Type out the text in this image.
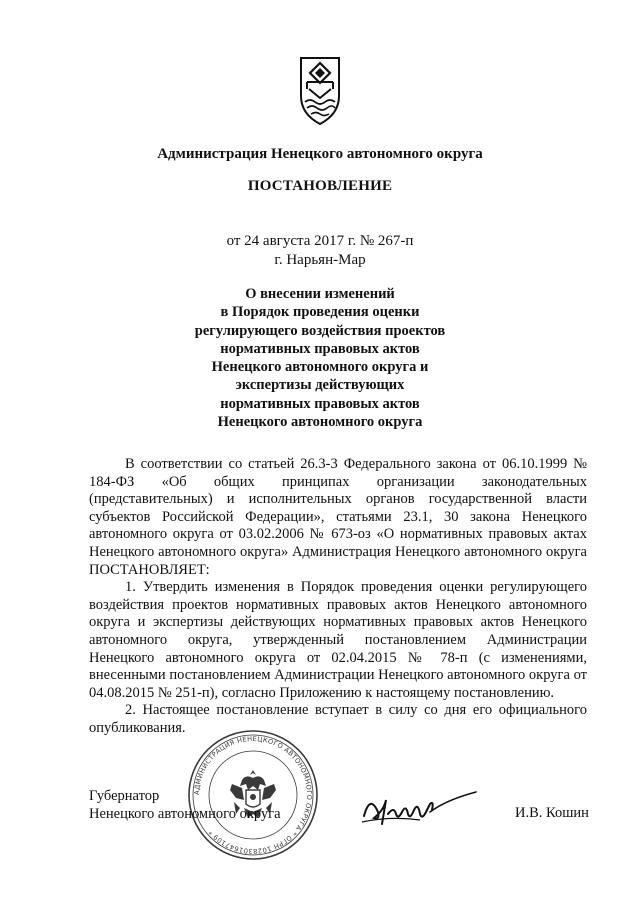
Администрация Ненецкого автономного округа
ПОСТАНОВЛЕНИЕ
от 24 августа 2017 г. № 267-п
г. Нарьян-Мар
О внесении изменений
в Порядок проведения оценки
регулирующего воздействия проектов
нормативных правовых актов
Ненецкого автономного округа и
экспертизы действующих
нормативных правовых актов
Ненецкого автономного округа

В соответствии со статьей 26.3-3 Федерального закона от 06.10.1999 № 184-ФЗ «Об общих принципах организации законодательных (представительных) и исполнительных органов государственной власти субъектов Российской Федерации», статьями 23.1, 30 закона Ненецкого автономного округа от 03.02.2006 № 673-оз «О нормативных правовых актах Ненецкого автономного округа» Администрация Ненецкого автономного округа ПОСТАНОВЛЯЕТ:

1. Утвердить изменения в Порядок проведения оценки регулирующего воздействия проектов нормативных правовых актов Ненецкого автономного округа и экспертизы действующих нормативных правовых актов Ненецкого автономного округа, утвержденный постановлением Администрации Ненецкого автономного округа от 02.04.2015 № 78-п (с изменениями, внесенными постановлением Администрации Ненецкого автономного округа от 04.08.2015 № 251-п), согласно Приложению к настоящему постановлению.

2. Настоящее постановление вступает в силу со дня его официального опубликования.

АДМИНИСТРАЦИЯ НЕНЕЦКОГО АВТОНОМНОГО ОКРУГА * ОГРН 1028301647109 *
Губернатор
Ненецкого автономного округа	И.В. Кошин
